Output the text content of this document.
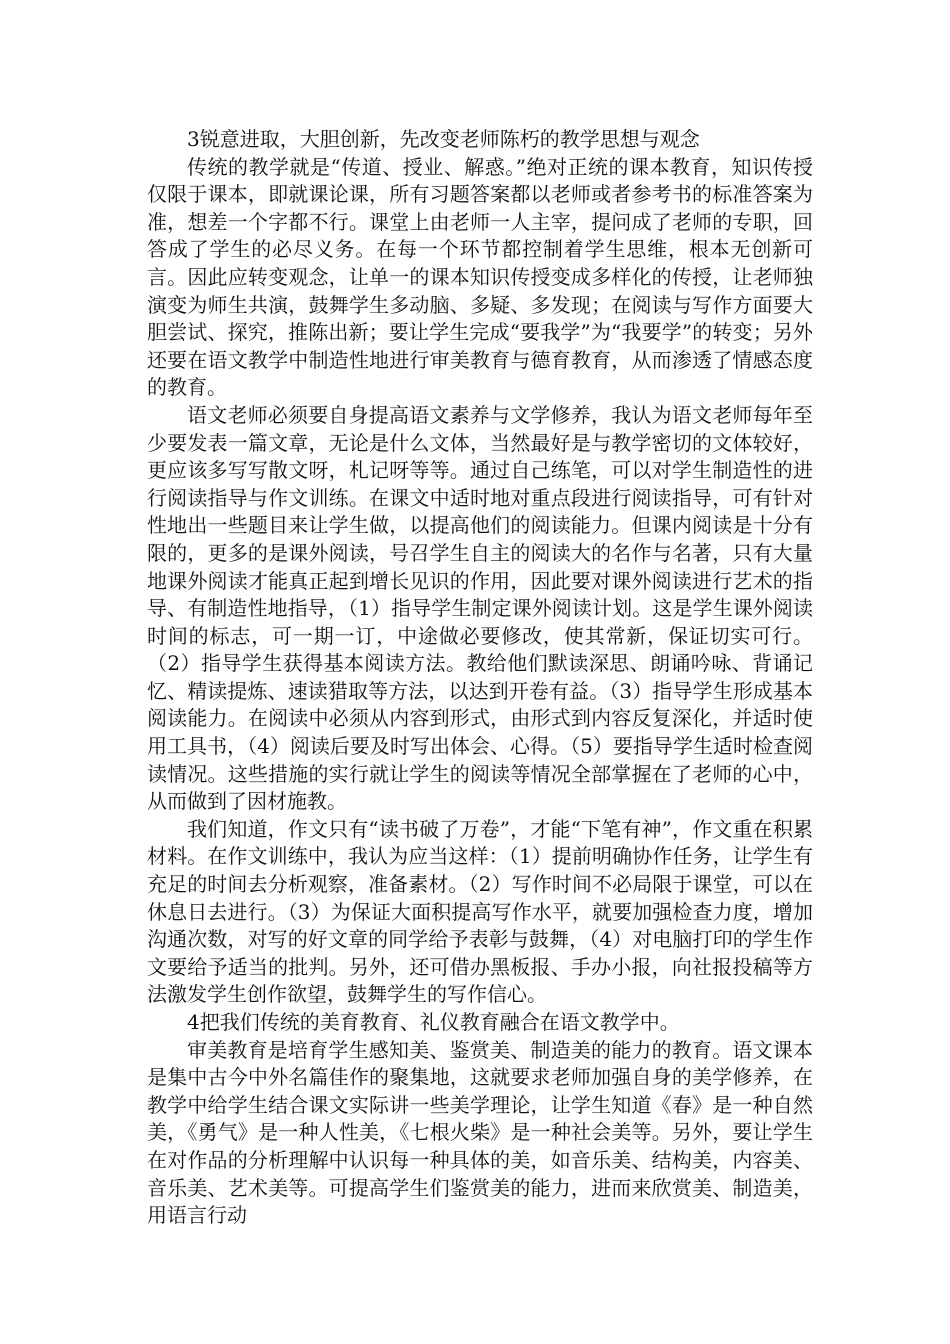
3锐意进取，大胆创新，先改变老师陈朽的教学思想与观念

传统的教学就是“传道、授业、解惑。”绝对正统的课本教育，知识传授仅限于课本，即就课论课，所有习题答案都以老师或者参考书的标准答案为准，想差一个字都不行。课堂上由老师一人主宰，提问成了老师的专职，回答成了学生的必尽义务。在每一个环节都控制着学生思维，根本无创新可言。因此应转变观念，让单一的课本知识传授变成多样化的传授，让老师独演变为师生共演，鼓舞学生多动脑、多疑、多发现；在阅读与写作方面要大胆尝试、探究，推陈出新；要让学生完成“要我学”为“我要学”的转变；另外还要在语文教学中制造性地进行审美教育与德育教育，从而渗透了情感态度的教育。

语文老师必须要自身提高语文素养与文学修养，我认为语文老师每年至少要发表一篇文章，无论是什么文体，当然最好是与教学密切的文体较好，更应该多写写散文呀，札记呀等等。通过自己练笔，可以对学生制造性的进行阅读指导与作文训练。在课文中适时地对重点段进行阅读指导，可有针对性地出一些题目来让学生做，以提高他们的阅读能力。但课内阅读是十分有限的，更多的是课外阅读，号召学生自主的阅读大的名作与名著，只有大量地课外阅读才能真正起到增长见识的作用，因此要对课外阅读进行艺术的指导、有制造性地指导，（1）指导学生制定课外阅读计划。这是学生课外阅读时间的标志，可一期一订，中途做必要修改，使其常新，保证切实可行。（2）指导学生获得基本阅读方法。教给他们默读深思、朗诵吟咏、背诵记忆、精读提炼、速读猎取等方法，以达到开卷有益。（3）指导学生形成基本阅读能力。在阅读中必须从内容到形式，由形式到内容反复深化，并适时使用工具书，（4）阅读后要及时写出体会、心得。（5）要指导学生适时检查阅读情况。这些措施的实行就让学生的阅读等情况全部掌握在了老师的心中，从而做到了因材施教。

我们知道，作文只有“读书破了万卷”，才能“下笔有神”，作文重在积累材料。在作文训练中，我认为应当这样：（1）提前明确协作任务，让学生有充足的时间去分析观察，准备素材。（2）写作时间不必局限于课堂，可以在休息日去进行。（3）为保证大面积提高写作水平，就要加强检查力度，增加沟通次数，对写的好文章的同学给予表彰与鼓舞，（4）对电脑打印的学生作文要给予适当的批判。另外，还可借办黑板报、手办小报，向社报投稿等方法激发学生创作欲望，鼓舞学生的写作信心。

4把我们传统的美育教育、礼仪教育融合在语文教学中。

审美教育是培育学生感知美、鉴赏美、制造美的能力的教育。语文课本是集中古今中外名篇佳作的聚集地，这就要求老师加强自身的美学修养，在教学中给学生结合课文实际讲一些美学理论，让学生知道《春》是一种自然美，《勇气》是一种人性美，《七根火柴》是一种社会美等。另外，要让学生在对作品的分析理解中认识每一种具体的美，如音乐美、结构美，内容美、音乐美、艺术美等。可提高学生们鉴赏美的能力，进而来欣赏美、制造美，用语言行动
